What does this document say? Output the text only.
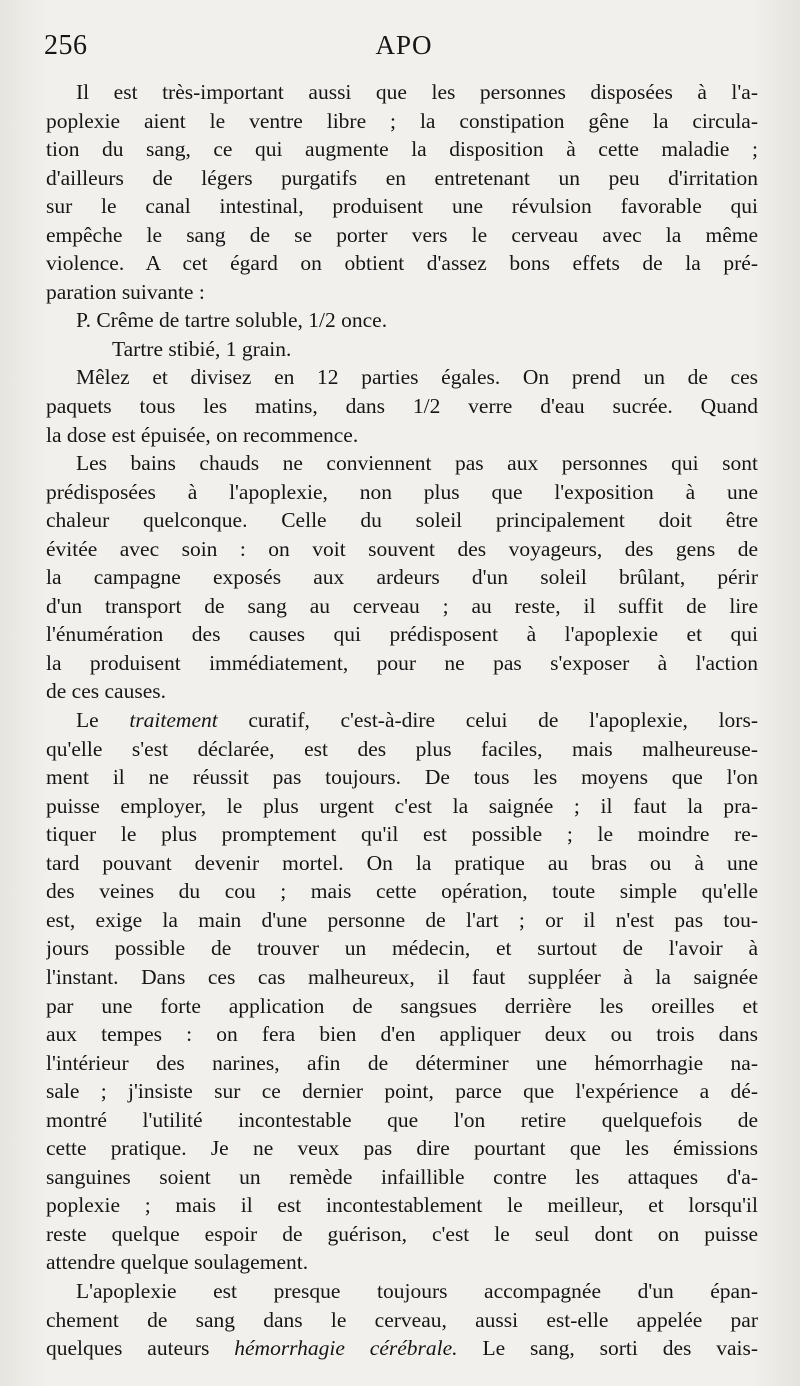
256	APO
Il est très-important aussi que les personnes disposées à l'a-
poplexie aient le ventre libre ; la constipation gêne la circula-
tion du sang, ce qui augmente la disposition à cette maladie ;
d'ailleurs de légers purgatifs en entretenant un peu d'irritation
sur le canal intestinal, produisent une révulsion favorable qui
empêche le sang de se porter vers le cerveau avec la même
violence. A cet égard on obtient d'assez bons effets de la pré-
paration suivante :
P. Crême de tartre soluble, 1/2 once.
Tartre stibié, 1 grain.
Mêlez et divisez en 12 parties égales. On prend un de ces
paquets tous les matins, dans 1/2 verre d'eau sucrée. Quand
la dose est épuisée, on recommence.
Les bains chauds ne conviennent pas aux personnes qui sont
prédisposées à l'apoplexie, non plus que l'exposition à une
chaleur quelconque. Celle du soleil principalement doit être
évitée avec soin : on voit souvent des voyageurs, des gens de
la campagne exposés aux ardeurs d'un soleil brûlant, périr
d'un transport de sang au cerveau ; au reste, il suffit de lire
l'énumération des causes qui prédisposent à l'apoplexie et qui
la produisent immédiatement, pour ne pas s'exposer à l'action
de ces causes.
Le traitement curatif, c'est-à-dire celui de l'apoplexie, lors-
qu'elle s'est déclarée, est des plus faciles, mais malheureuse-
ment il ne réussit pas toujours. De tous les moyens que l'on
puisse employer, le plus urgent c'est la saignée ; il faut la pra-
tiquer le plus promptement qu'il est possible ; le moindre re-
tard pouvant devenir mortel. On la pratique au bras ou à une
des veines du cou ; mais cette opération, toute simple qu'elle
est, exige la main d'une personne de l'art ; or il n'est pas tou-
jours possible de trouver un médecin, et surtout de l'avoir à
l'instant. Dans ces cas malheureux, il faut suppléer à la saignée
par une forte application de sangsues derrière les oreilles et
aux tempes : on fera bien d'en appliquer deux ou trois dans
l'intérieur des narines, afin de déterminer une hémorrhagie na-
sale ; j'insiste sur ce dernier point, parce que l'expérience a dé-
montré l'utilité incontestable que l'on retire quelquefois de
cette pratique. Je ne veux pas dire pourtant que les émissions
sanguines soient un remède infaillible contre les attaques d'a-
poplexie ; mais il est incontestablement le meilleur, et lorsqu'il
reste quelque espoir de guérison, c'est le seul dont on puisse
attendre quelque soulagement.
L'apoplexie est presque toujours accompagnée d'un épan-
chement de sang dans le cerveau, aussi est-elle appelée par
quelques auteurs hémorrhagie cérébrale. Le sang, sorti des vais-
